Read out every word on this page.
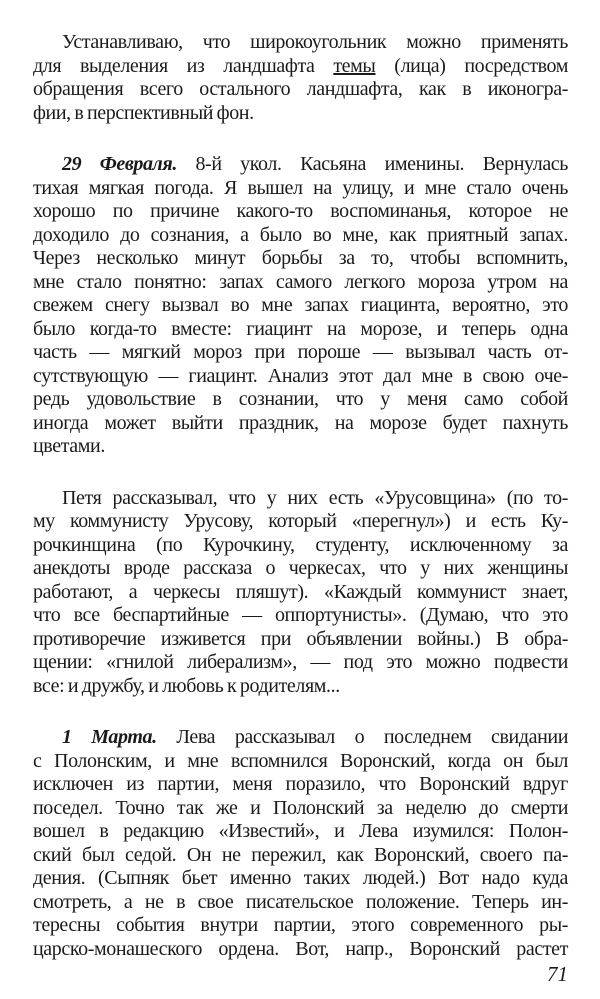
Устанавливаю, что широкоугольник можно применять
для выделения из ландшафта темы (лица) посредством
обращения всего остального ландшафта, как в иконогра-
фии, в перспективный фон.
29 Февраля. 8-й укол. Касьяна именины. Вернулась
тихая мягкая погода. Я вышел на улицу, и мне стало очень
хорошо по причине какого-то воспоминанья, которое не
доходило до сознания, а было во мне, как приятный запах.
Через несколько минут борьбы за то, чтобы вспомнить,
мне стало понятно: запах самого легкого мороза утром на
свежем снегу вызвал во мне запах гиацинта, вероятно, это
было когда-то вместе: гиацинт на морозе, и теперь одна
часть — мягкий мороз при пороше — вызывал часть от-
сутствующую — гиацинт. Анализ этот дал мне в свою оче-
редь удовольствие в сознании, что у меня само собой
иногда может выйти праздник, на морозе будет пахнуть
цветами.
Петя рассказывал, что у них есть «Урусовщина» (по то-
му коммунисту Урусову, который «перегнул») и есть Ку-
рочкинщина (по Курочкину, студенту, исключенному за
анекдоты вроде рассказа о черкесах, что у них женщины
работают, а черкесы пляшут). «Каждый коммунист знает,
что все беспартийные — оппортунисты». (Думаю, что это
противоречие изживется при объявлении войны.) В обра-
щении: «гнилой либерализм», — под это можно подвести
все: и дружбу, и любовь к родителям...
1 Марта. Лева рассказывал о последнем свидании
с Полонским, и мне вспомнился Воронский, когда он был
исключен из партии, меня поразило, что Воронский вдруг
поседел. Точно так же и Полонский за неделю до смерти
вошел в редакцию «Известий», и Лева изумился: Полон-
ский был седой. Он не пережил, как Воронский, своего па-
дения. (Сыпняк бьет именно таких людей.) Вот надо куда
смотреть, а не в свое писательское положение. Теперь ин-
тересны события внутри партии, этого современного ры-
царско-монашеского ордена. Вот, напр., Воронский растет
71
